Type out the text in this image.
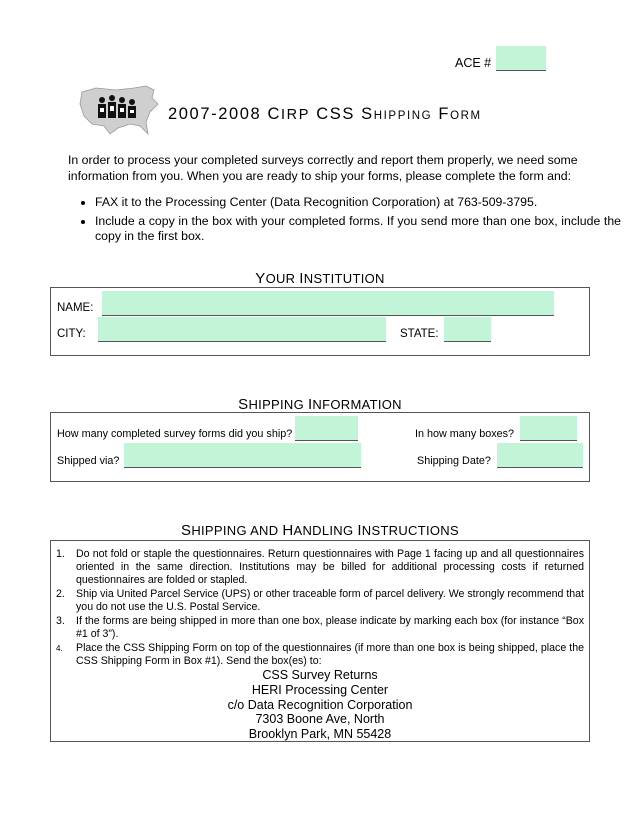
ACE #
2007-2008 CIRP CSS SHIPPING FORM
In order to process your completed surveys correctly and report them properly, we need some information from you. When you are ready to ship your forms, please complete the form and:
• FAX it to the Processing Center (Data Recognition Corporation) at 763-509-3795.
• Include a copy in the box with your completed forms. If you send more than one box, include the copy in the first box.
YOUR INSTITUTION
NAME:
CITY:	STATE:
SHIPPING INFORMATION
How many completed survey forms did you ship?	In how many boxes?
Shipped via?	Shipping Date?
SHIPPING AND HANDLING INSTRUCTIONS
1. Do not fold or staple the questionnaires. Return questionnaires with Page 1 facing up and all questionnaires oriented in the same direction. Institutions may be billed for additional processing costs if returned questionnaires are folded or stapled.
2. Ship via United Parcel Service (UPS) or other traceable form of parcel delivery. We strongly recommend that you do not use the U.S. Postal Service.
3. If the forms are being shipped in more than one box, please indicate by marking each box (for instance “Box #1 of 3”).
4. Place the CSS Shipping Form on top of the questionnaires (if more than one box is being shipped, place the CSS Shipping Form in Box #1). Send the box(es) to:
CSS Survey Returns
HERI Processing Center
c/o Data Recognition Corporation
7303 Boone Ave, North
Brooklyn Park, MN 55428
